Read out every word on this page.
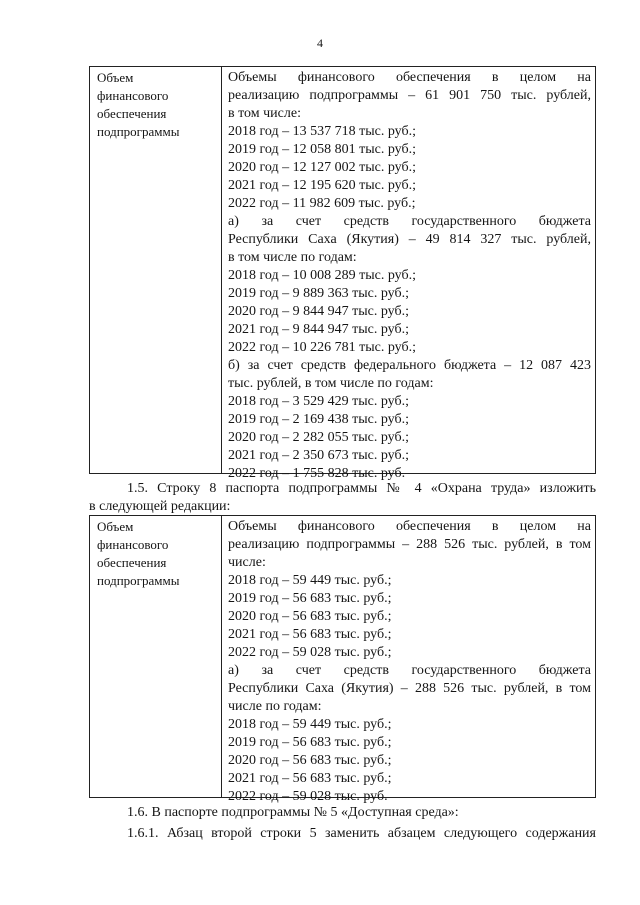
4
Объем
финансового
обеспечения
подпрограммы
Объемы финансового обеспечения в целом на
реализацию подпрограммы – 61 901 750 тыс. рублей,
в том числе:
2018 год – 13 537 718 тыс. руб.;
2019 год – 12 058 801 тыс. руб.;
2020 год – 12 127 002 тыс. руб.;
2021 год – 12 195 620 тыс. руб.;
2022 год – 11 982 609 тыс. руб.;
а) за счет средств государственного бюджета
Республики Саха (Якутия) – 49 814 327 тыс. рублей,
в том числе по годам:
2018 год – 10 008 289 тыс. руб.;
2019 год – 9 889 363 тыс. руб.;
2020 год – 9 844 947 тыс. руб.;
2021 год – 9 844 947 тыс. руб.;
2022 год – 10 226 781 тыс. руб.;
б) за счет средств федерального бюджета – 12 087 423
тыс. рублей, в том числе по годам:
2018 год – 3 529 429 тыс. руб.;
2019 год – 2 169 438 тыс. руб.;
2020 год – 2 282 055 тыс. руб.;
2021 год – 2 350 673 тыс. руб.;
2022 год – 1 755 828 тыс. руб.
1.5. Строку 8 паспорта подпрограммы № 4 «Охрана труда» изложить
в следующей редакции:
Объем
финансового
обеспечения
подпрограммы
Объемы финансового обеспечения в целом на
реализацию подпрограммы – 288 526 тыс. рублей, в том
числе:
2018 год – 59 449 тыс. руб.;
2019 год – 56 683 тыс. руб.;
2020 год – 56 683 тыс. руб.;
2021 год – 56 683 тыс. руб.;
2022 год – 59 028 тыс. руб.;
а) за счет средств государственного бюджета
Республики Саха (Якутия) – 288 526 тыс. рублей, в том
числе по годам:
2018 год – 59 449 тыс. руб.;
2019 год – 56 683 тыс. руб.;
2020 год – 56 683 тыс. руб.;
2021 год – 56 683 тыс. руб.;
2022 год – 59 028 тыс. руб.
1.6. В паспорте подпрограммы № 5 «Доступная среда»:
1.6.1. Абзац второй строки 5 заменить абзацем следующего содержания
